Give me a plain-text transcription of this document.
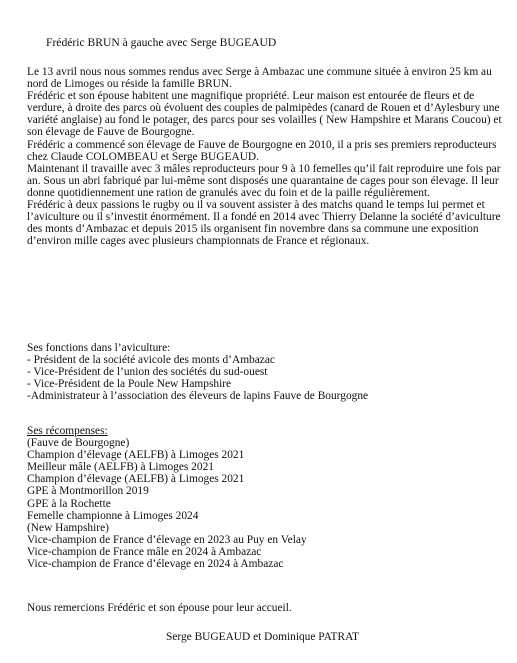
Frédéric BRUN à gauche avec Serge BUGEAUD

Le 13 avril nous nous sommes rendus avec Serge à Ambazac une commune située à environ 25 km au nord de Limoges ou réside la famille BRUN.

Frédéric et son épouse habitent une magnifique propriété. Leur maison est entourée de fleurs et de verdure, à droite des parcs où évoluent des couples de palmipèdes (canard de Rouen et d’Aylesbury une variété anglaise) au fond le potager, des parcs pour ses volailles ( New Hampshire et Marans Coucou) et son élevage de Fauve de Bourgogne.

Frédéric a commencé son élevage de Fauve de Bourgogne en 2010, il a pris ses premiers reproducteurs chez Claude COLOMBEAU et Serge BUGEAUD.

Maintenant il travaille avec 3 mâles reproducteurs pour 9 à 10 femelles qu’il fait reproduire une fois par an. Sous un abri fabriqué par lui-même sont disposés une quarantaine de cages pour son élevage. Il leur donne quotidiennement une ration de granulés avec du foin et de la paille régulièrement.

Frédéric à deux passions le rugby ou il va souvent assister à des matchs quand le temps lui permet et l’aviculture ou il s’investit énormément. Il a fondé en 2014 avec Thierry Delanne la société d’aviculture des monts d’Ambazac et depuis 2015 ils organisent fin novembre dans sa commune une exposition d’environ mille cages avec plusieurs championnats de France et régionaux.

Ses fonctions dans l’aviculture:
- Président de la société avicole des monts d’Ambazac
- Vice-Président de l’union des sociétés du sud-ouest
- Vice-Président de la Poule New Hampshire
-Administrateur à l’association des éleveurs de lapins Fauve de Bourgogne
Ses récompenses:
(Fauve de Bourgogne)
Champion d’élevage (AELFB) à Limoges 2021
Meilleur mâle (AELFB) à Limoges 2021
Champion d’élevage (AELFB) à Limoges 2021
GPE à Montmorillon 2019
GPE à la Rochette
Femelle championne à Limoges 2024
(New Hampshire)
Vice-champion de France d’élevage en 2023 au Puy en Velay
Vice-champion de France mâle en 2024 à Ambazac
Vice-champion de France d’élevage en 2024 à Ambazac
Nous remercions Frédéric et son épouse pour leur accueil.
Serge BUGEAUD et Dominique PATRAT
